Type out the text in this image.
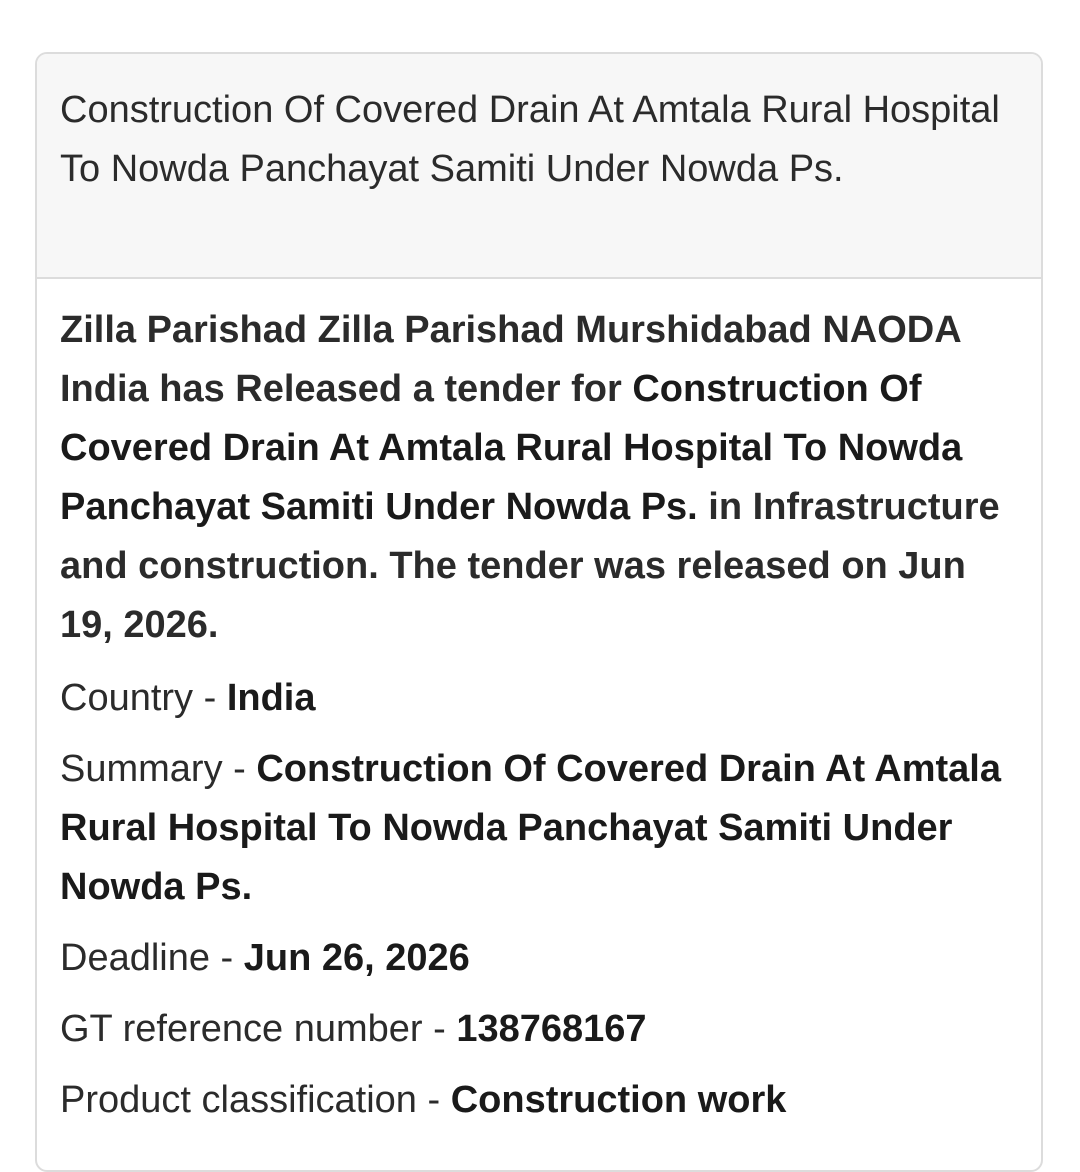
Construction Of Covered Drain At Amtala Rural Hospital To Nowda Panchayat Samiti Under Nowda Ps.

Zilla Parishad Zilla Parishad Murshidabad NAODA India has Released a tender for Construction Of Covered Drain At Amtala Rural Hospital To Nowda Panchayat Samiti Under Nowda Ps. in Infrastructure and construction. The tender was released on Jun 19, 2026.

Country - India

Summary - Construction Of Covered Drain At Amtala Rural Hospital To Nowda Panchayat Samiti Under Nowda Ps.

Deadline - Jun 26, 2026

GT reference number - 138768167

Product classification - Construction work
